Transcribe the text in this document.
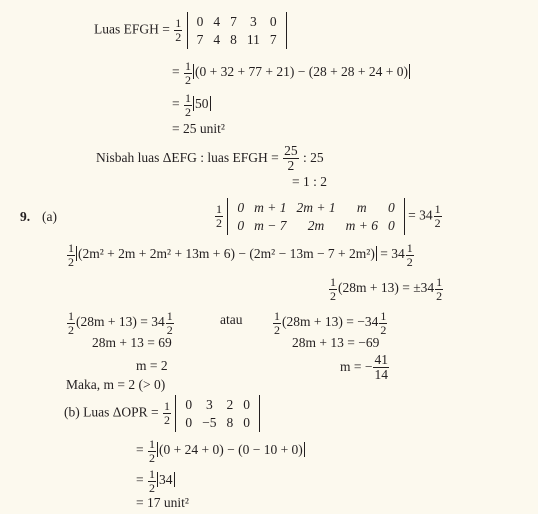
Luas EFGH = $\frac{1}{2}$
0	4	7	3	0
7	4	8	11	7
= $\frac{1}{2} (0 + 32 + 77 + 21) - (28 + 28 + 24 + 0)$
= $\frac{1}{2} 50$
= 25 unit²
Nisbah luas ΔEFG : luas EFGH = $\frac{25}{2}$ : 25
= 1 : 2
9. (a)	$\frac{1}{2}$
0	m + 1	2m + 1	m	0
0	m − 7	2m	m + 6	0
= $34 \frac{1}{2}$
$\frac{1}{2} (2m^2 + 2m + 2m^2 + 13m + 6) - (2m^2 - 13m - 7 + 2m^2) = 34 \frac{1}{2}$
$\frac{1}{2} (28m + 13) = \pm 34 \frac{1}{2}$
$\frac{1}{2} (28m + 13) = 34 \frac{1}{2}$	atau	$\frac{1}{2} (28m + 13) = -34 \frac{1}{2}$
28m + 13 = 69	28m + 13 = −69
m = 2	m = − $\frac{41}{14}$
Maka, m = 2 (> 0)
(b) Luas $\Delta OPR = \frac{1}{2}$
0	3	2	0
0	−5	8	0
= $\frac{1}{2} (0 + 24 + 0) - (0 - 10 + 0)$
= $\frac{1}{2} 34$
= 17 unit²
